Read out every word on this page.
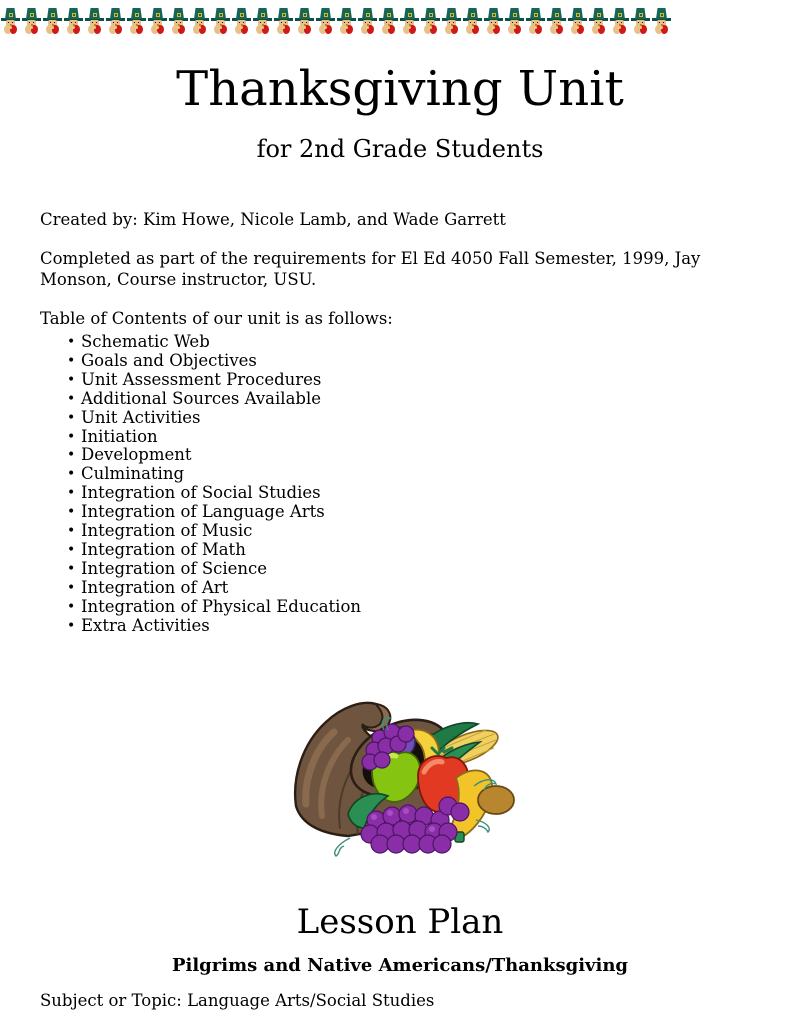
Thanksgiving Unit
for 2nd Grade Students

Created by: Kim Howe, Nicole Lamb, and Wade Garrett

Completed as part of the requirements for El Ed 4050 Fall Semester, 1999, Jay Monson, Course instructor, USU.

Table of Contents of our unit is as follows:

• Schematic Web
• Goals and Objectives
• Unit Assessment Procedures
• Additional Sources Available
• Unit Activities
• Initiation
• Development
• Culminating
• Integration of Social Studies
• Integration of Language Arts
• Integration of Music
• Integration of Math
• Integration of Science
• Integration of Art
• Integration of Physical Education
• Extra Activities
Lesson Plan
Pilgrims and Native Americans/Thanksgiving

Subject or Topic: Language Arts/Social Studies
